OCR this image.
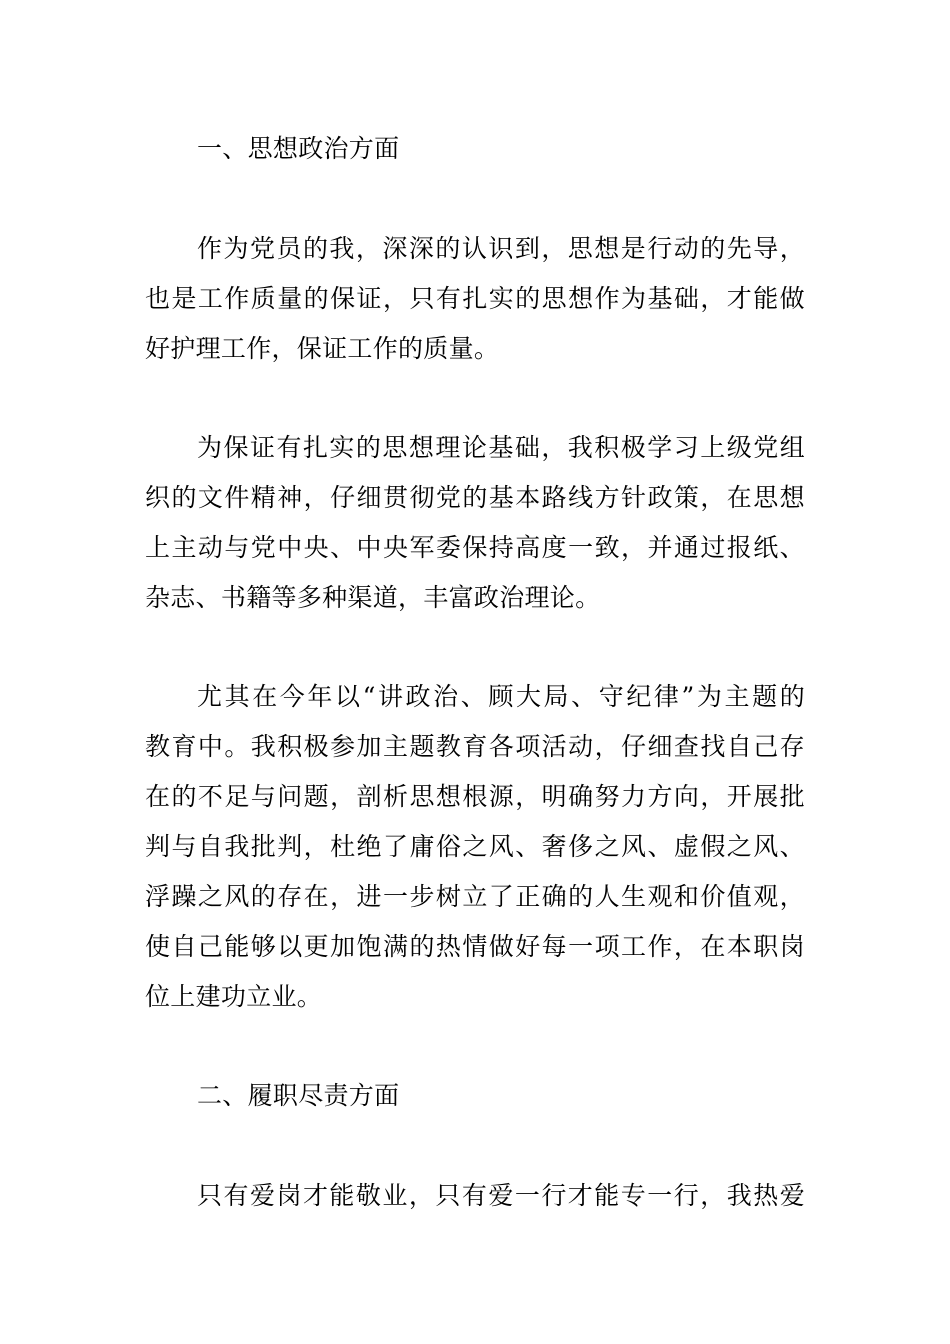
一、思想政治方面
作为党员的我，深深的认识到，思想是行动的先导，
也是工作质量的保证，只有扎实的思想作为基础，才能做
好护理工作，保证工作的质量。
为保证有扎实的思想理论基础，我积极学习上级党组
织的文件精神，仔细贯彻党的基本路线方针政策，在思想
上主动与党中央、中央军委保持高度一致，并通过报纸、
杂志、书籍等多种渠道，丰富政治理论。
尤其在今年以“讲政治、顾大局、守纪律”为主题的
教育中。我积极参加主题教育各项活动，仔细查找自己存
在的不足与问题，剖析思想根源，明确努力方向，开展批
判与自我批判，杜绝了庸俗之风、奢侈之风、虚假之风、
浮躁之风的存在，进一步树立了正确的人生观和价值观，
使自己能够以更加饱满的热情做好每一项工作，在本职岗
位上建功立业。
二、履职尽责方面
只有爱岗才能敬业，只有爱一行才能专一行，我热爱
